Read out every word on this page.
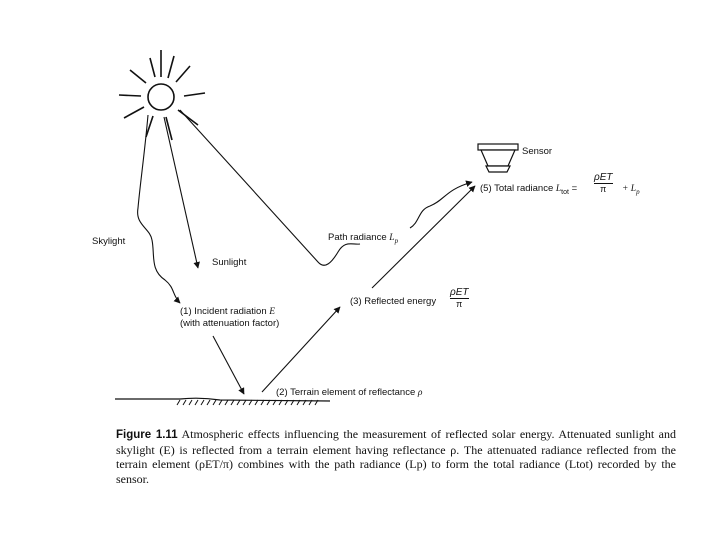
Sensor
Skylight
Sunlight
Path radiance $L_p$
(1) Incident radiation E
(with attenuation factor)
(3) Reflected energy
ρET
π
(5) Total radiance $L_{tot}$ =
ρET
π	+ $L_p$
(2) Terrain element of reflectance ρ
Figure 1.11 Atmospheric effects influencing the measurement of reflected solar energy. Attenuated sunlight and skylight (E) is reflected from a terrain element having reflectance ρ. The attenuated radiance reflected from the terrain element (ρET/π) combines with the path radiance (Lp) to form the total radiance (Ltot) recorded by the sensor.
